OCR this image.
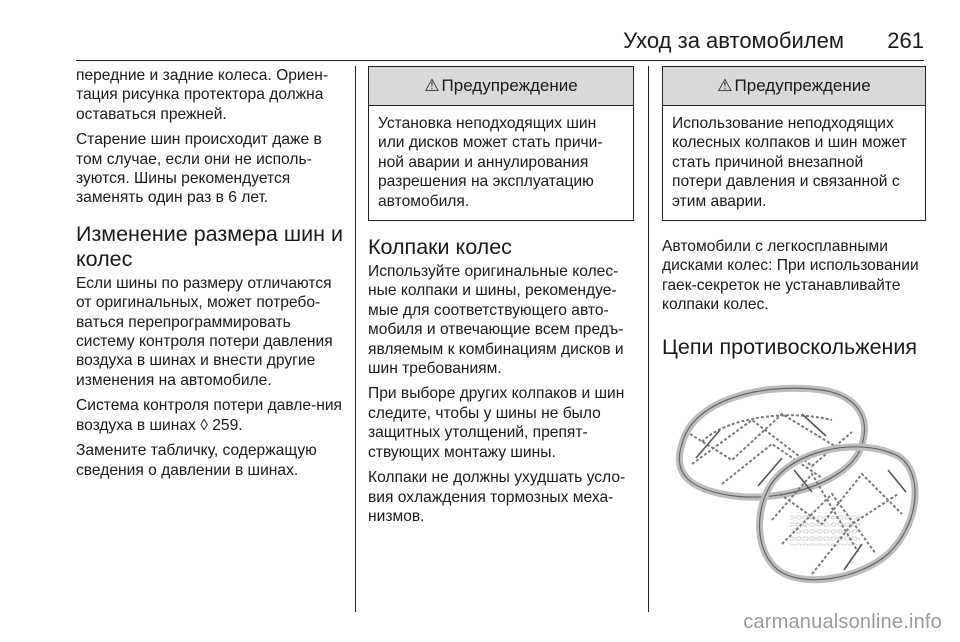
Уход за автомобилем 261

передние и задние колеса. Ориен-тация рисунка протектора должна оставаться прежней.

Старение шин происходит даже в том случае, если они не исполь-зуются. Шины рекомендуется заменять один раз в 6 лет.

Изменение размера шин и колес

Если шины по размеру отличаются от оригинальных, может потребо-ваться перепрограммировать систему контроля потери давления воздуха в шинах и внести другие изменения на автомобиле.

Система контроля потери давле-ния воздуха в шинах ◊ 259.

Замените табличку, содержащую сведения о давлении в шинах.

⚠ Предупреждение

Установка неподходящих шин или дисков может стать причи-ной аварии и аннулирования разрешения на эксплуатацию автомобиля.

Колпаки колес

Используйте оригинальные колес-ные колпаки и шины, рекомендуе-мые для соответствующего авто-мобиля и отвечающие всем предъ-являемым к комбинациям дисков и шин требованиям.

При выборе других колпаков и шин следите, чтобы у шины не было защитных утолщений, препят-ствующих монтажу шины.

Колпаки не должны ухудшать усло-вия охлаждения тормозных меха-низмов.

⚠ Предупреждение

Использование неподходящих колесных колпаков и шин может стать причиной внезапной потери давления и связанной с этим аварии.

Автомобили с легкосплавными дисками колес: При использовании гаек-секреток не устанавливайте колпаки колес.

Цепи противоскольжения
carmanualsonline.info
